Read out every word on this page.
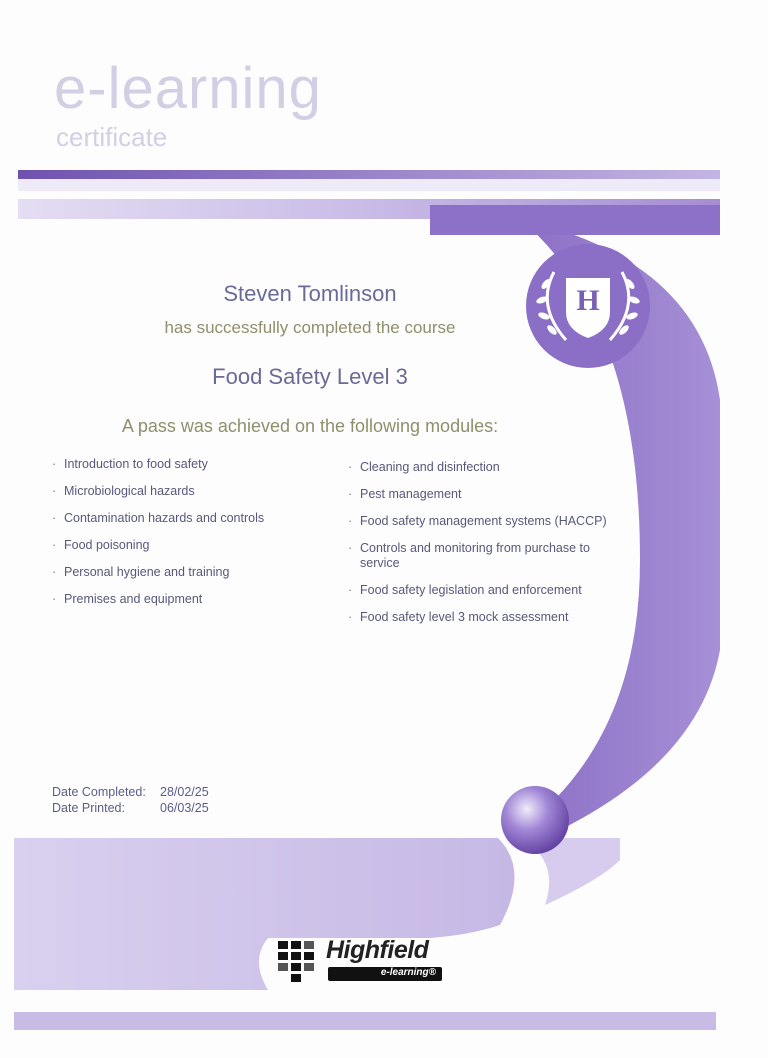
H
e-learning
certificate
Steven Tomlinson
has successfully completed the course
Food Safety Level 3
A pass was achieved on the following modules:
· Introduction to food safety
· Microbiological hazards
· Contamination hazards and controls
· Food poisoning
· Personal hygiene and training
· Premises and equipment
· Cleaning and disinfection
· Pest management
· Food safety management systems (HACCP)
· Controls and monitoring from purchase to service
· Food safety legislation and enforcement
· Food safety level 3 mock assessment
Date Completed:	28/02/25
Date Printed:	06/03/25
Highfield
e-learning®
